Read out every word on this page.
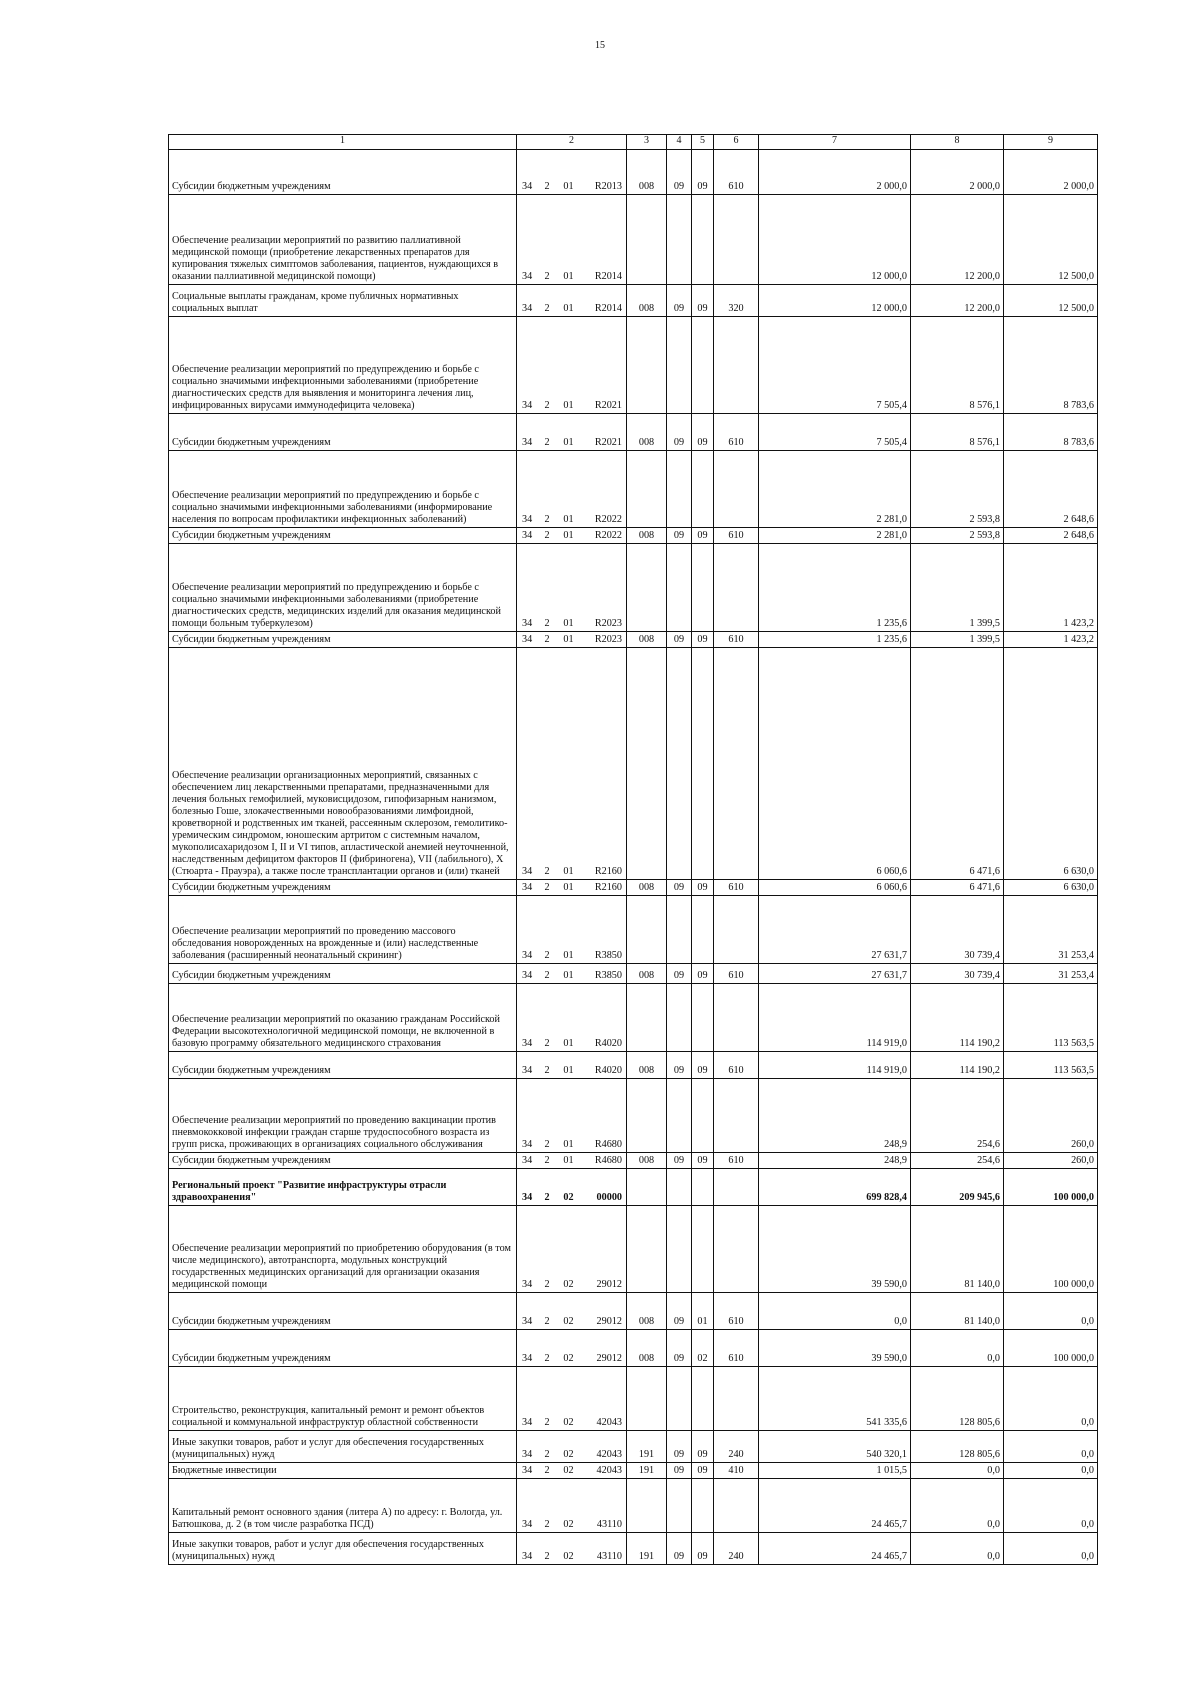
15
1	2				3	4	5	6	7	8	9
Субсидии бюджетным учреждениям	34	2	01	R2013	008	09	09	610	2 000,0	2 000,0	2 000,0
Обеспечение реализации мероприятий по развитию паллиативной медицинской помощи (приобретение лекарственных препаратов для купирования тяжелых симптомов заболевания, пациентов, нуждающихся в оказании паллиативной медицинской помощи)	34	2	01	R2014					12 000,0	12 200,0	12 500,0
Социальные выплаты гражданам, кроме публичных нормативных социальных выплат	34	2	01	R2014	008	09	09	320	12 000,0	12 200,0	12 500,0
Обеспечение реализации мероприятий по предупреждению и борьбе с социально значимыми инфекционными заболеваниями (приобретение диагностических средств для выявления и мониторинга лечения лиц, инфицированных вирусами иммунодефицита человека)	34	2	01	R2021					7 505,4	8 576,1	8 783,6
Субсидии бюджетным учреждениям	34	2	01	R2021	008	09	09	610	7 505,4	8 576,1	8 783,6
Обеспечение реализации мероприятий по предупреждению и борьбе с социально значимыми инфекционными заболеваниями (информирование населения по вопросам профилактики инфекционных заболеваний)	34	2	01	R2022					2 281,0	2 593,8	2 648,6
Субсидии бюджетным учреждениям	34	2	01	R2022	008	09	09	610	2 281,0	2 593,8	2 648,6
Обеспечение реализации мероприятий по предупреждению и борьбе с социально значимыми инфекционными заболеваниями (приобретение диагностических средств, медицинских изделий для оказания медицинской помощи больным туберкулезом)	34	2	01	R2023					1 235,6	1 399,5	1 423,2
Субсидии бюджетным учреждениям	34	2	01	R2023	008	09	09	610	1 235,6	1 399,5	1 423,2
Обеспечение реализации организационных мероприятий, связанных с обеспечением лиц лекарственными препаратами, предназначенными для лечения больных гемофилией, муковисцидозом, гипофизарным нанизмом, болезнью Гоше, злокачественными новообразованиями лимфоидной, кроветворной и родственных им тканей, рассеянным склерозом, гемолитико-уремическим синдромом, юношеским артритом с системным началом, мукополисахаридозом I, II и VI типов, апластической анемией неуточненной, наследственным дефицитом факторов II (фибриногена), VII (лабильного), X (Стюарта - Прауэра), а также после трансплантации органов и (или) тканей	34	2	01	R2160					6 060,6	6 471,6	6 630,0
Субсидии бюджетным учреждениям	34	2	01	R2160	008	09	09	610	6 060,6	6 471,6	6 630,0
Обеспечение реализации мероприятий по проведению массового обследования новорожденных на врожденные и (или) наследственные заболевания (расширенный неонатальный скрининг)	34	2	01	R3850					27 631,7	30 739,4	31 253,4
Субсидии бюджетным учреждениям	34	2	01	R3850	008	09	09	610	27 631,7	30 739,4	31 253,4
Обеспечение реализации мероприятий по оказанию гражданам Российской Федерации высокотехнологичной медицинской помощи, не включенной в базовую программу обязательного медицинского страхования	34	2	01	R4020					114 919,0	114 190,2	113 563,5
Субсидии бюджетным учреждениям	34	2	01	R4020	008	09	09	610	114 919,0	114 190,2	113 563,5
Обеспечение реализации мероприятий по проведению вакцинации против пневмококковой инфекции граждан старше трудоспособного возраста из групп риска, проживающих в организациях социального обслуживания	34	2	01	R4680					248,9	254,6	260,0
Субсидии бюджетным учреждениям	34	2	01	R4680	008	09	09	610	248,9	254,6	260,0
Региональный проект "Развитие инфраструктуры отрасли здравоохранения"	34	2	02	00000					699 828,4	209 945,6	100 000,0
Обеспечение реализации мероприятий по приобретению оборудования (в том числе медицинского), автотранспорта, модульных конструкций государственных медицинских организаций для организации оказания медицинской помощи	34	2	02	29012					39 590,0	81 140,0	100 000,0
Субсидии бюджетным учреждениям	34	2	02	29012	008	09	01	610	0,0	81 140,0	0,0
Субсидии бюджетным учреждениям	34	2	02	29012	008	09	02	610	39 590,0	0,0	100 000,0
Строительство, реконструкция, капитальный ремонт и ремонт объектов социальной и коммунальной инфраструктур областной собственности	34	2	02	42043					541 335,6	128 805,6	0,0
Иные закупки товаров, работ и услуг для обеспечения государственных (муниципальных) нужд	34	2	02	42043	191	09	09	240	540 320,1	128 805,6	0,0
Бюджетные инвестиции	34	2	02	42043	191	09	09	410	1 015,5	0,0	0,0
Капитальный ремонт основного здания (литера А) по адресу: г. Вологда, ул. Батюшкова, д. 2 (в том числе разработка ПСД)	34	2	02	43110					24 465,7	0,0	0,0
Иные закупки товаров, работ и услуг для обеспечения государственных (муниципальных) нужд	34	2	02	43110	191	09	09	240	24 465,7	0,0	0,0
